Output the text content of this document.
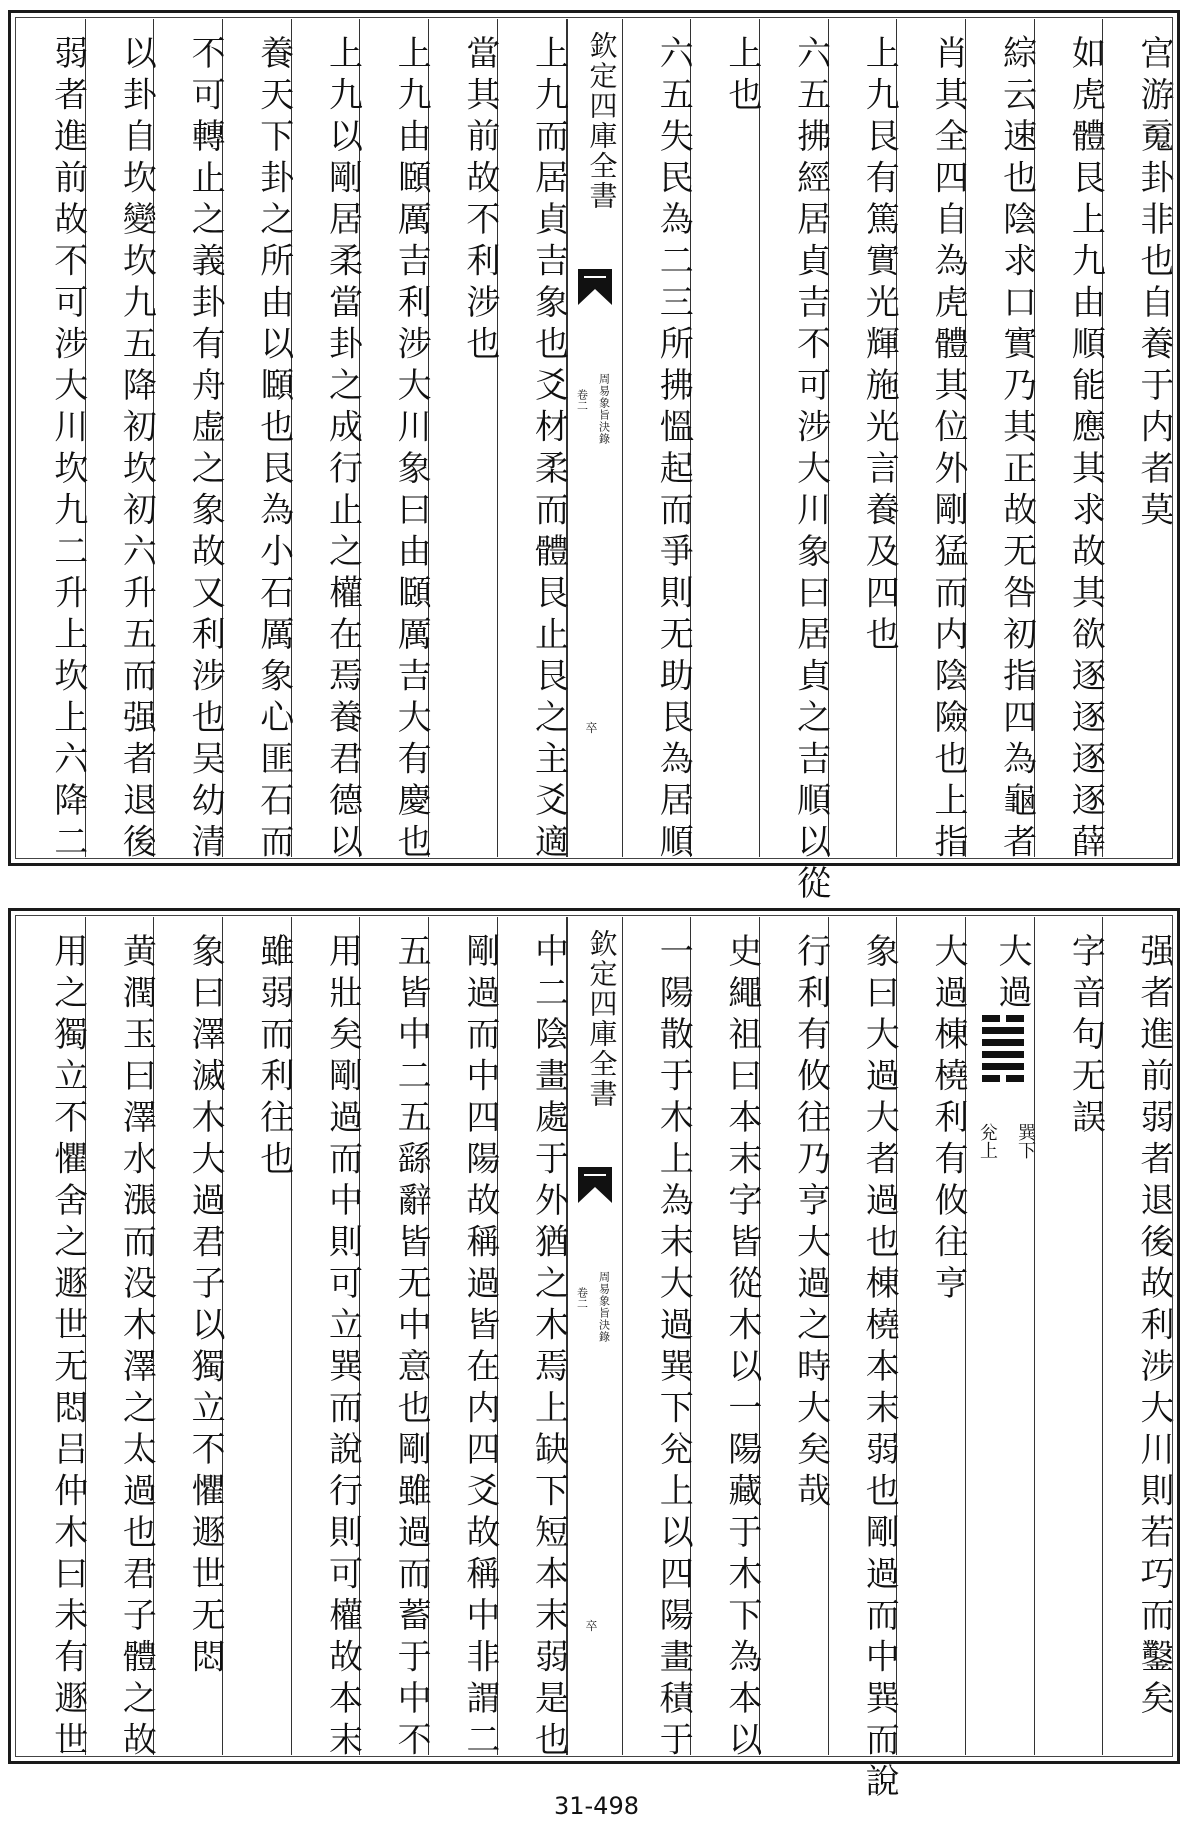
宫游䰟卦非也自養于内者莫
如虎體艮上九由順能應其求故其欲逐逐逐逐薛
綜云速也陰求口實乃其正故无咎初指四為龜者
肖其全四自為虎體其位外剛猛而内陰險也上指
上九艮有篤實光輝施光言養及四也
六五拂經居貞吉不可涉大川象曰居貞之吉順以從
上也
六五失民為二三所拂慍起而爭則无助艮為居順
欽定四庫全書
周易象旨決錄
卷二
卒
上九而居貞吉象也爻材柔而體艮止艮之主爻適
當其前故不利涉也
上九由頥厲吉利涉大川象曰由頥厲吉大有慶也
上九以剛居柔當卦之成行止之權在焉養君德以
養天下卦之所由以頥也艮為小石厲象心匪石而
不可轉止之義卦有舟虚之象故又利涉也吴幼清
以卦自坎變坎九五降初坎初六升五而强者退後
弱者進前故不可涉大川坎九二升上坎上六降二
强者進前弱者退後故利涉大川則若巧而鑿矣
字音句无誤
大過
巽下
兊上
大過棟橈利有攸往亨
象曰大過大者過也棟橈本末弱也剛過而中巽而說
行利有攸往乃亨大過之時大矣哉
史繩祖曰本末字皆從木以一陽藏于木下為本以
一陽散于木上為末大過巽下兊上以四陽畫積于
欽定四庫全書
周易象旨決錄
卷二
卒
中二陰畫處于外猶之木焉上缺下短本末弱是也
剛過而中四陽故稱過皆在内四爻故稱中非謂二
五皆中二五繇辭皆无中意也剛雖過而蓄于中不
用壯矣剛過而中則可立巽而說行則可權故本末
雖弱而利往也
象曰澤滅木大過君子以獨立不懼遯世无悶
黄潤玉曰澤水漲而没木澤之太過也君子體之故
用之獨立不懼舍之遯世无悶吕仲木曰未有遯世
31-498
